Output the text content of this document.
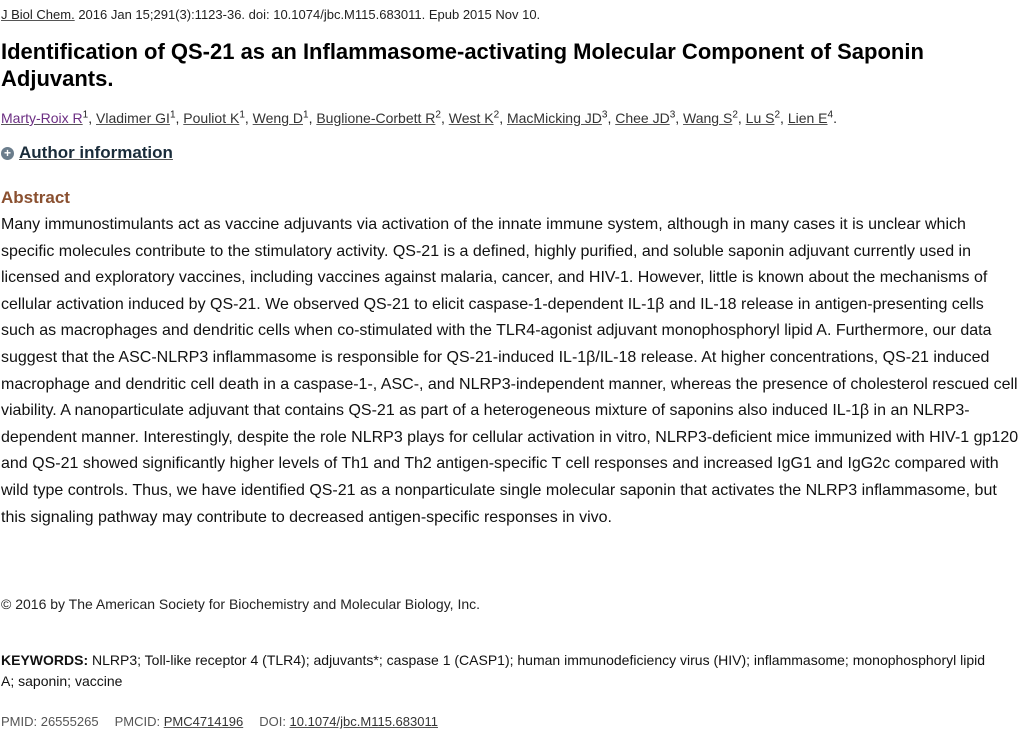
J Biol Chem. 2016 Jan 15;291(3):1123-36. doi: 10.1074/jbc.M115.683011. Epub 2015 Nov 10.
Identification of QS-21 as an Inflammasome-activating Molecular Component of Saponin Adjuvants.
Marty-Roix $R^1$, Vladimer $GI^1$, Pouliot $K^1$, Weng $D^1$, Buglione-Corbett $R^2$, West $K^2$, MacMicking $JD^3$, Chee $JD^3$, Wang $S^2$, Lu $S^2$, Lien $E^4$.
+ Author information
Abstract

Many immunostimulants act as vaccine adjuvants via activation of the innate immune system, although in many cases it is unclear which specific molecules contribute to the stimulatory activity. QS-21 is a defined, highly purified, and soluble saponin adjuvant currently used in licensed and exploratory vaccines, including vaccines against malaria, cancer, and HIV-1. However, little is known about the mechanisms of cellular activation induced by QS-21. We observed QS-21 to elicit caspase-1-dependent IL-1β and IL-18 release in antigen-presenting cells such as macrophages and dendritic cells when co-stimulated with the TLR4-agonist adjuvant monophosphoryl lipid A. Furthermore, our data suggest that the ASC-NLRP3 inflammasome is responsible for QS-21-induced IL-1β/IL-18 release. At higher concentrations, QS-21 induced macrophage and dendritic cell death in a caspase-1-, ASC-, and NLRP3-independent manner, whereas the presence of cholesterol rescued cell viability. A nanoparticulate adjuvant that contains QS-21 as part of a heterogeneous mixture of saponins also induced IL-1β in an NLRP3-dependent manner. Interestingly, despite the role NLRP3 plays for cellular activation in vitro, NLRP3-deficient mice immunized with HIV-1 gp120 and QS-21 showed significantly higher levels of Th1 and Th2 antigen-specific T cell responses and increased IgG1 and IgG2c compared with wild type controls. Thus, we have identified QS-21 as a nonparticulate single molecular saponin that activates the NLRP3 inflammasome, but this signaling pathway may contribute to decreased antigen-specific responses in vivo.

© 2016 by The American Society for Biochemistry and Molecular Biology, Inc.
KEYWORDS: NLRP3; Toll-like receptor 4 (TLR4); adjuvants*; caspase 1 (CASP1); human immunodeficiency virus (HIV); inflammasome; monophosphoryl lipid A; saponin; vaccine
PMID: 26555265 PMCID: PMC4714196 DOI: 10.1074/jbc.M115.683011
